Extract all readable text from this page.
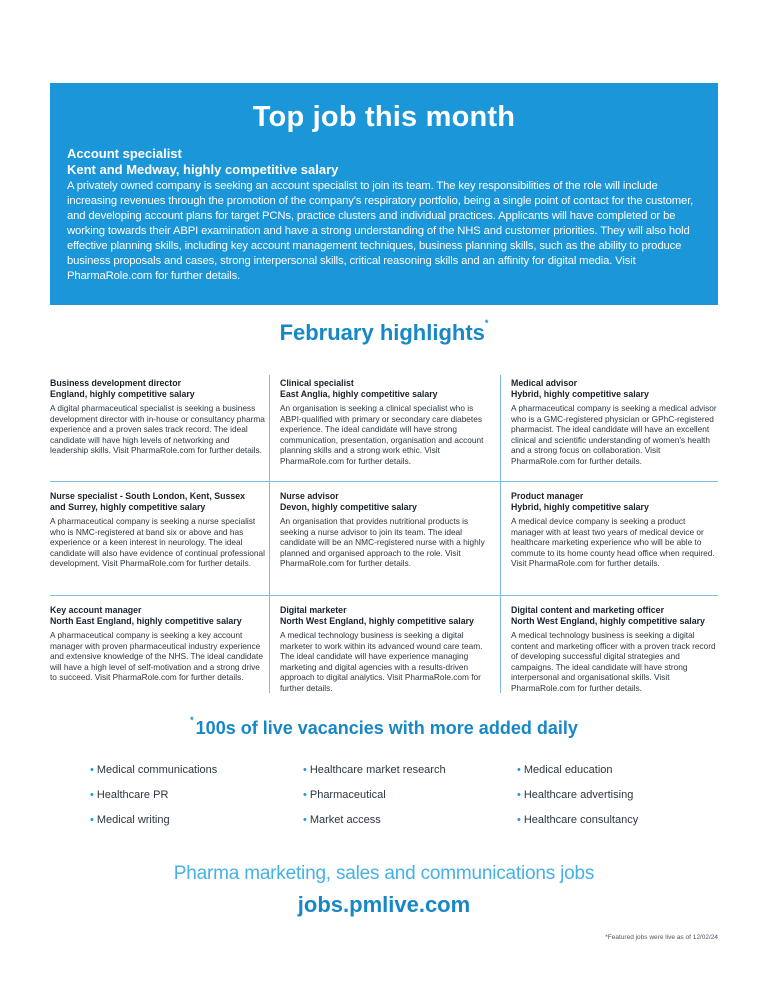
Top job this month
Account specialist
Kent and Medway, highly competitive salary
A privately owned company is seeking an account specialist to join its team. The key responsibilities of the role will include increasing revenues through the promotion of the company's respiratory portfolio, being a single point of contact for the customer, and developing account plans for target PCNs, practice clusters and individual practices. Applicants will have completed or be working towards their ABPI examination and have a strong understanding of the NHS and customer priorities. They will also hold effective planning skills, including key account management techniques, business planning skills, such as the ability to produce business proposals and cases, strong interpersonal skills, critical reasoning skills and an affinity for digital media. Visit PharmaRole.com for further details.
February highlights*
Business development director
England, highly competitive salary
A digital pharmaceutical specialist is seeking a business development director with in-house or consultancy pharma experience and a proven sales track record. The ideal candidate will have high levels of networking and leadership skills. Visit PharmaRole.com for further details.
Clinical specialist
East Anglia, highly competitive salary
An organisation is seeking a clinical specialist who is ABPI-qualified with primary or secondary care diabetes experience. The ideal candidate will have strong communication, presentation, organisation and account planning skills and a strong work ethic. Visit PharmaRole.com for further details.
Medical advisor
Hybrid, highly competitive salary
A pharmaceutical company is seeking a medical advisor who is a GMC-registered physician or GPhC-registered pharmacist. The ideal candidate will have an excellent clinical and scientific understanding of women's health and a strong focus on collaboration. Visit PharmaRole.com for further details.
Nurse specialist - South London, Kent, Sussex
and Surrey, highly competitive salary
A pharmaceutical company is seeking a nurse specialist who is NMC-registered at band six or above and has experience or a keen interest in neurology. The ideal candidate will also have evidence of continual professional development. Visit PharmaRole.com for further details.
Nurse advisor
Devon, highly competitive salary
An organisation that provides nutritional products is seeking a nurse advisor to join its team. The ideal candidate will be an NMC-registered nurse with a highly planned and organised approach to the role. Visit PharmaRole.com for further details.
Product manager
Hybrid, highly competitive salary
A medical device company is seeking a product manager with at least two years of medical device or healthcare marketing experience who will be able to commute to its home county head office when required. Visit PharmaRole.com for further details.
Key account manager
North East England, highly competitive salary
A pharmaceutical company is seeking a key account manager with proven pharmaceutical industry experience and extensive knowledge of the NHS. The ideal candidate will have a high level of self-motivation and a strong drive to succeed. Visit PharmaRole.com for further details.
Digital marketer
North West England, highly competitive salary
A medical technology business is seeking a digital marketer to work within its advanced wound care team. The ideal candidate will have experience managing marketing and digital agencies with a results-driven approach to digital analytics. Visit PharmaRole.com for further details.
Digital content and marketing officer
North West England, highly competitive salary
A medical technology business is seeking a digital content and marketing officer with a proven track record of developing successful digital strategies and campaigns. The ideal candidate will have strong interpersonal and organisational skills. Visit PharmaRole.com for further details.
* 100s of live vacancies with more added daily
• Medical communications	• Healthcare market research	• Medical education
• Healthcare PR	• Pharmaceutical	• Healthcare advertising
• Medical writing	• Market access	• Healthcare consultancy
Pharma marketing, sales and communications jobs
jobs.pmlive.com
*Featured jobs were live as of 12/02/24
